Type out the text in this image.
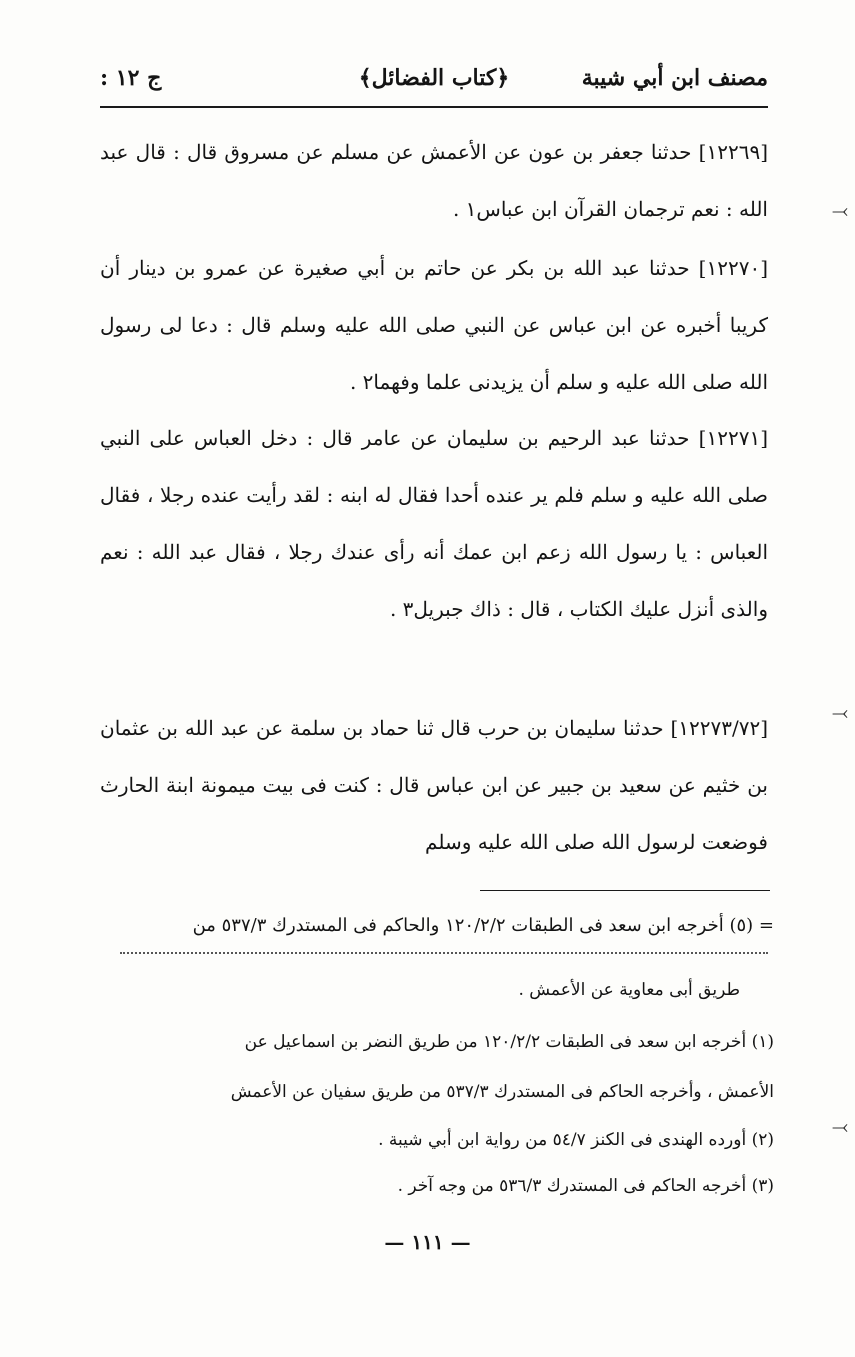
مصنف ابن أبي شيبة
﴿كتاب الفضائل﴾
ج ١٢ :
[١٢٢٦٩] حدثنا جعفر بن عون عن الأعمش عن مسلم عن مسروق قال : قال عبد الله : نعم ترجمان القرآن ابن عباس١ .
[١٢٢٧٠] حدثنا عبد الله بن بكر عن حاتم بن أبي صغيرة عن عمرو بن دينار أن كريبا أخبره عن ابن عباس عن النبي صلى الله عليه وسلم قال : دعا لى رسول الله صلى الله عليه و سلم أن يزيدنى علما وفهما٢ .
[١٢٢٧١] حدثنا عبد الرحيم بن سليمان عن عامر قال : دخل العباس على النبي صلى الله عليه و سلم فلم ير عنده أحدا فقال له ابنه : لقد رأيت عنده رجلا ، فقال العباس : يا رسول الله زعم ابن عمك أنه رأى عندك رجلا ، فقال عبد الله : نعم والذى أنزل عليك الكتاب ، قال : ذاك جبريل٣ .
[١٢٢٧٣/٧٢] حدثنا سليمان بن حرب قال ثنا حماد بن سلمة عن عبد الله بن عثمان بن خثيم عن سعيد بن جبير عن ابن عباس قال : كنت فى بيت ميمونة ابنة الحارث فوضعت لرسول الله صلى الله عليه وسلم
⤙
⤙
⤙
= (٥) أخرجه ابن سعد فى الطبقات ١٢٠/٢/٢ والحاكم فى المستدرك ٥٣٧/٣ من
طريق أبى معاوية عن الأعمش .
(١) أخرجه ابن سعد فى الطبقات ١٢٠/٢/٢ من طريق النضر بن اسماعيل عن
الأعمش ، وأخرجه الحاكم فى المستدرك ٥٣٧/٣ من طريق سفيان عن الأعمش
(٢) أورده الهندى فى الكنز ٥٤/٧ من رواية ابن أبي شيبة .
(٣) أخرجه الحاكم فى المستدرك ٥٣٦/٣ من وجه آخر .
— ١١١ —
